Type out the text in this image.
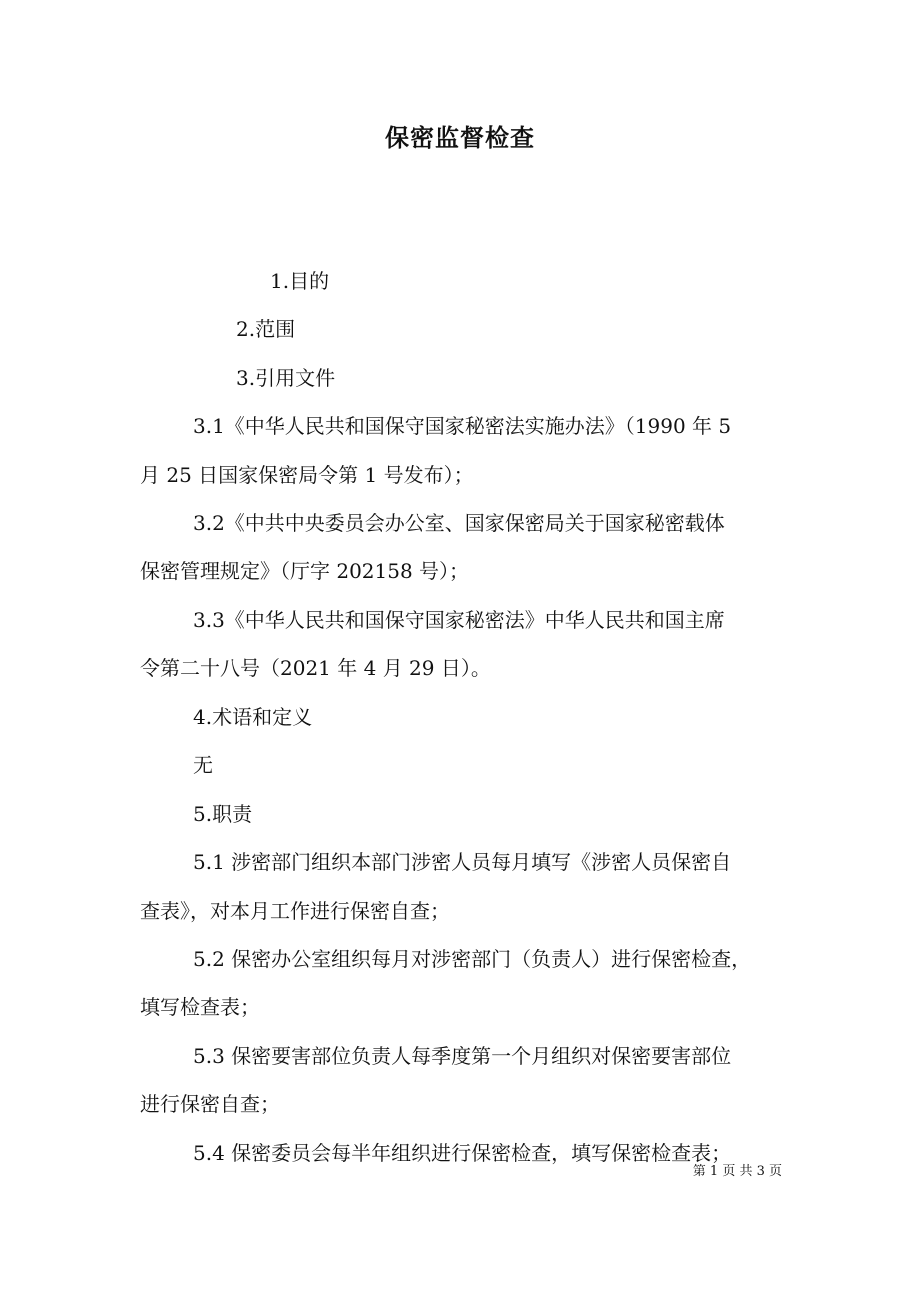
保密监督检查

1.目的

2.范围

3.引用文件

3.1《中华人民共和国保守国家秘密法实施办法》（1990 年 5

月 25 日国家保密局令第 1 号发布）；

3.2《中共中央委员会办公室、国家保密局关于国家秘密载体

保密管理规定》（厅字 202158 号）；

3.3《中华人民共和国保守国家秘密法》中华人民共和国主席

令第二十八号（2021 年 4 月 29 日）。

4.术语和定义

无

5.职责

5.1 涉密部门组织本部门涉密人员每月填写《涉密人员保密自

查表》，对本月工作进行保密自查；

5.2 保密办公室组织每月对涉密部门（负责人）进行保密检查，

填写检查表；

5.3 保密要害部位负责人每季度第一个月组织对保密要害部位

进行保密自查；

5.4 保密委员会每半年组织进行保密检查，填写保密检查表；

第 1 页 共 3 页
